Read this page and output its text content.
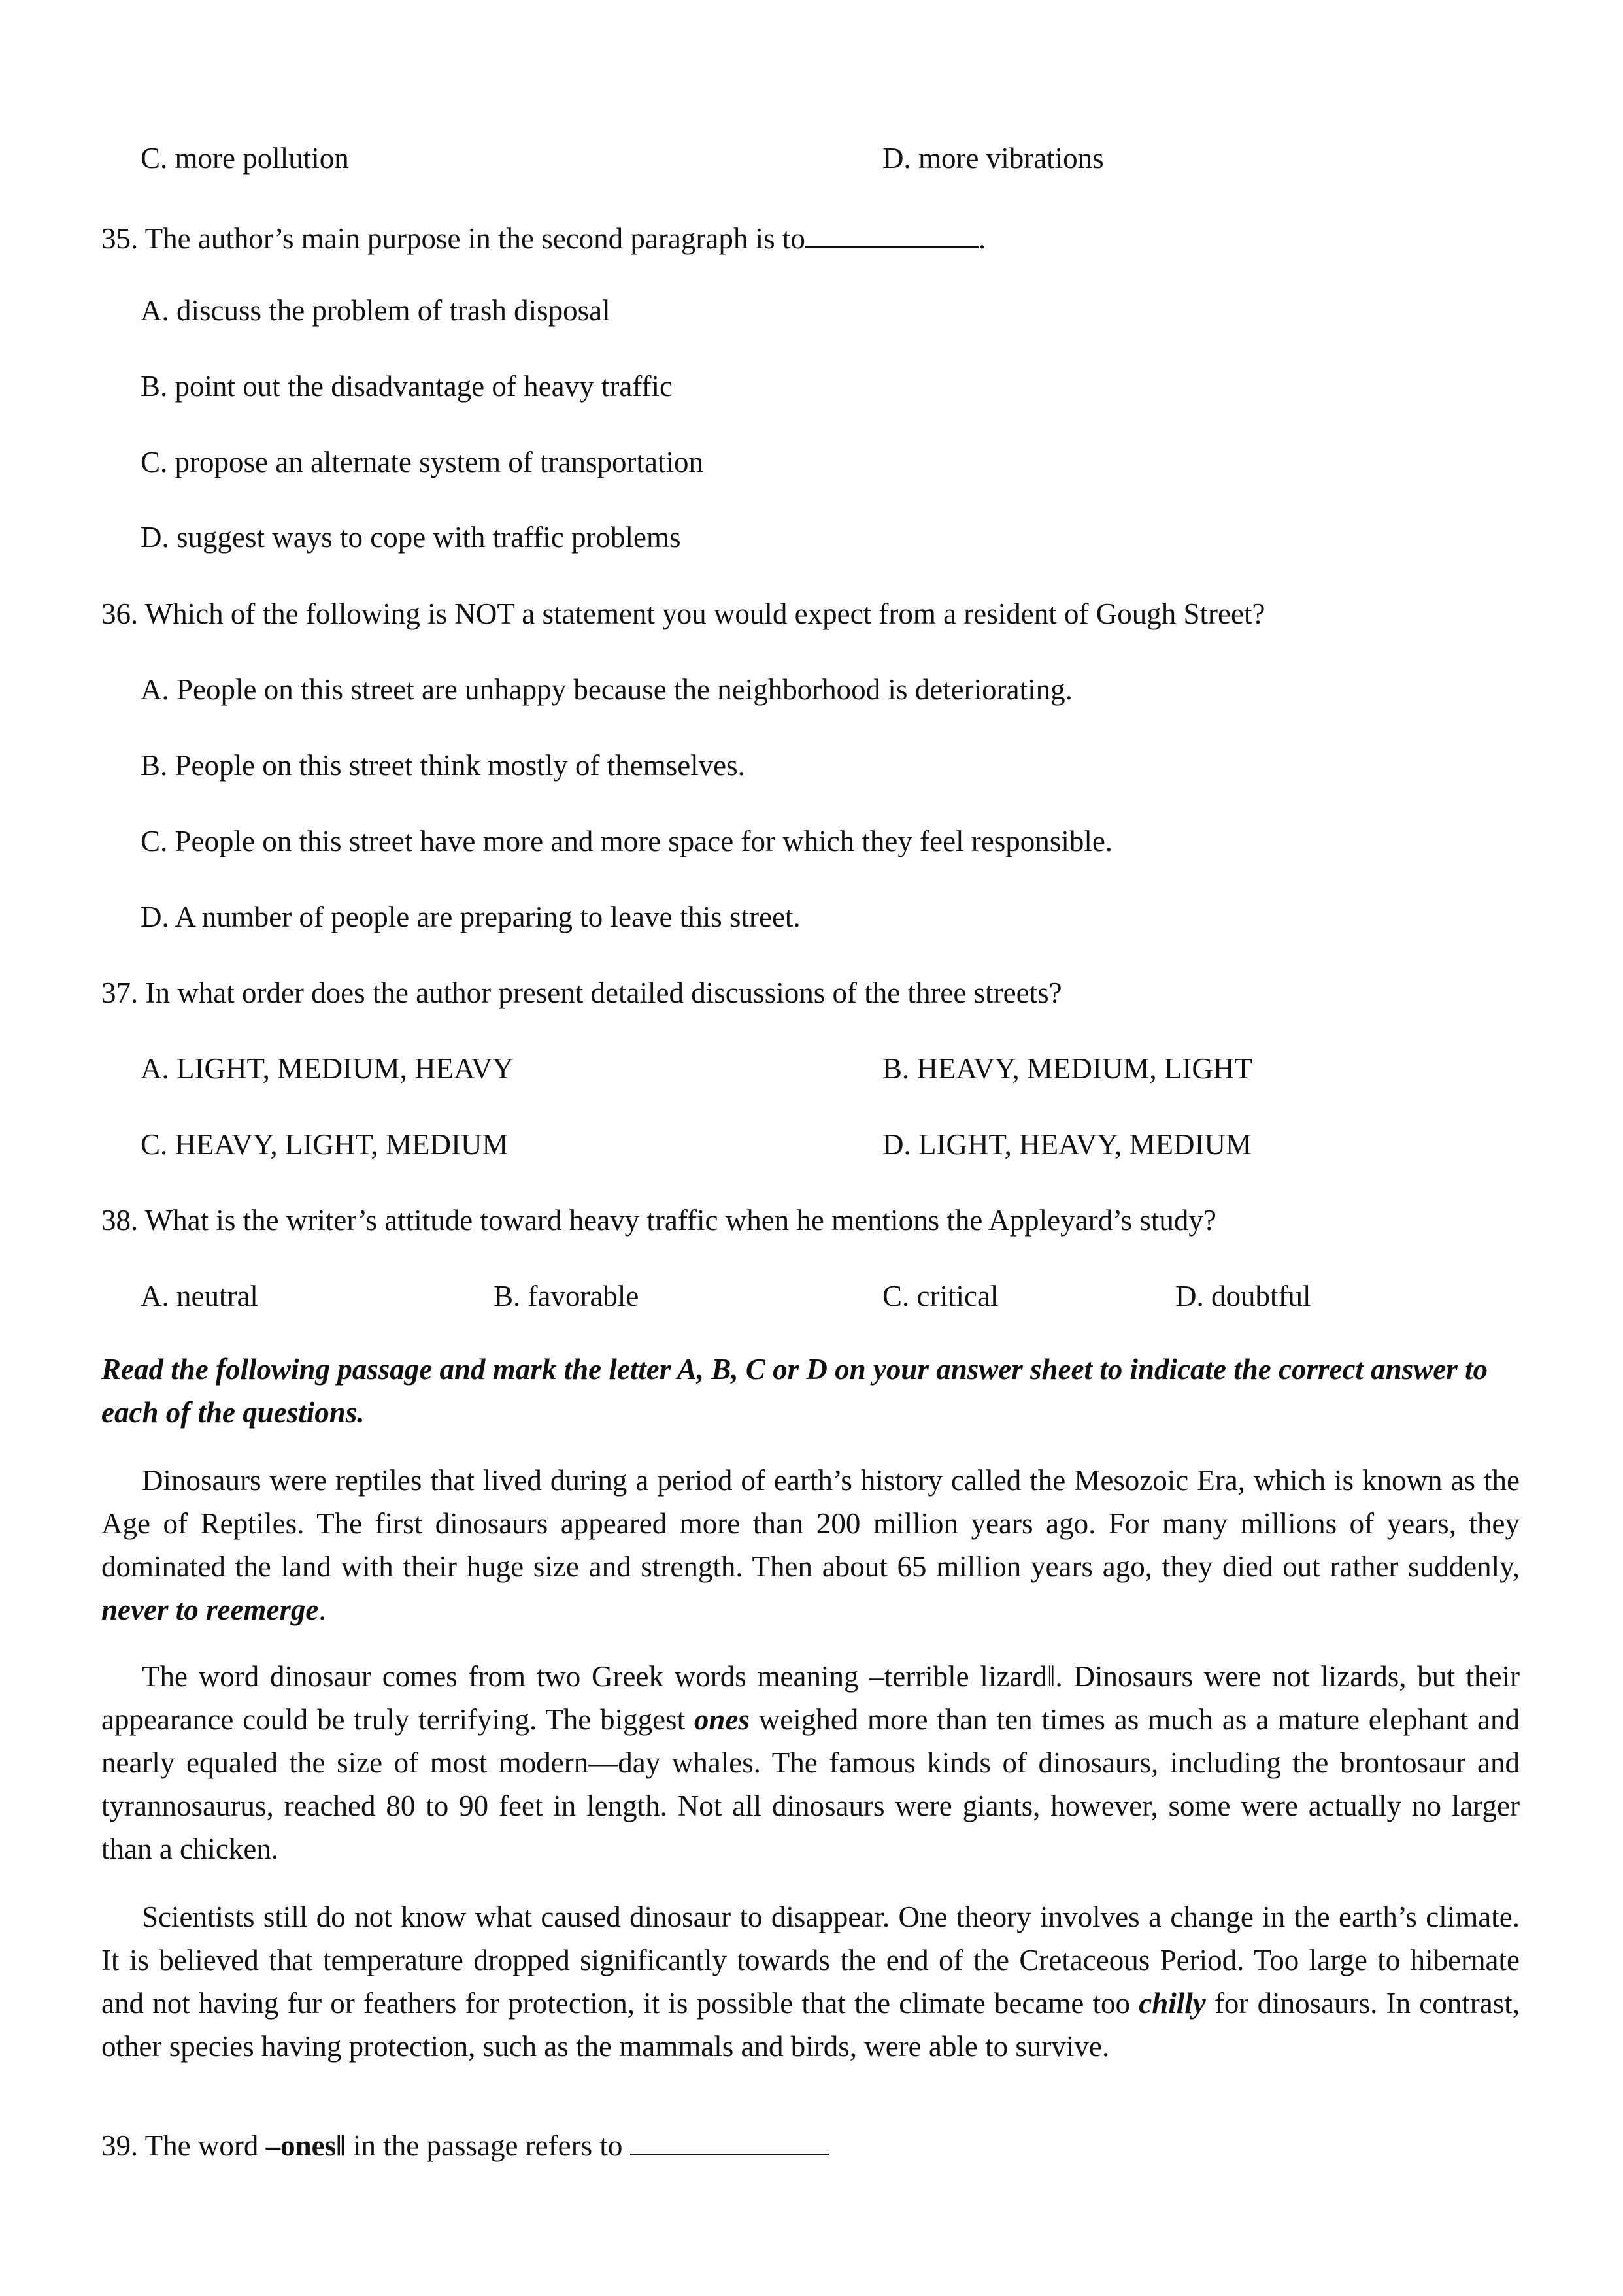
C. more pollution	D. more vibrations
35. The author’s main purpose in the second paragraph is to	.
A. discuss the problem of trash disposal
B. point out the disadvantage of heavy traffic
C. propose an alternate system of transportation
D. suggest ways to cope with traffic problems
36. Which of the following is NOT a statement you would expect from a resident of Gough Street?
A. People on this street are unhappy because the neighborhood is deteriorating.
B. People on this street think mostly of themselves.
C. People on this street have more and more space for which they feel responsible.
D. A number of people are preparing to leave this street.
37. In what order does the author present detailed discussions of the three streets?
A. LIGHT, MEDIUM, HEAVY	B. HEAVY, MEDIUM, LIGHT
C. HEAVY, LIGHT, MEDIUM	D. LIGHT, HEAVY, MEDIUM
38. What is the writer’s attitude toward heavy traffic when he mentions the Appleyard’s study?
A. neutral	B. favorable	C. critical	D. doubtful
Read the following passage and mark the letter A, B, C or D on your answer sheet to indicate the correct answer to each of the questions.
Dinosaurs were reptiles that lived during a period of earth’s history called the Mesozoic Era, which is known as the Age of Reptiles. The first dinosaurs appeared more than 200 million years ago. For many millions of years, they dominated the land with their huge size and strength. Then about 65 million years ago, they died out rather suddenly, never to reemerge.
The word dinosaur comes from two Greek words meaning –terrible lizard‖. Dinosaurs were not lizards, but their appearance could be truly terrifying. The biggest ones weighed more than ten times as much as a mature elephant and nearly equaled the size of most modern—day whales. The famous kinds of dinosaurs, including the brontosaur and tyrannosaurus, reached 80 to 90 feet in length. Not all dinosaurs were giants, however, some were actually no larger than a chicken.
Scientists still do not know what caused dinosaur to disappear. One theory involves a change in the earth’s climate. It is believed that temperature dropped significantly towards the end of the Cretaceous Period. Too large to hibernate and not having fur or feathers for protection, it is possible that the climate became too chilly for dinosaurs. In contrast, other species having protection, such as the mammals and birds, were able to survive.
39. The word –ones‖ in the passage refers to
